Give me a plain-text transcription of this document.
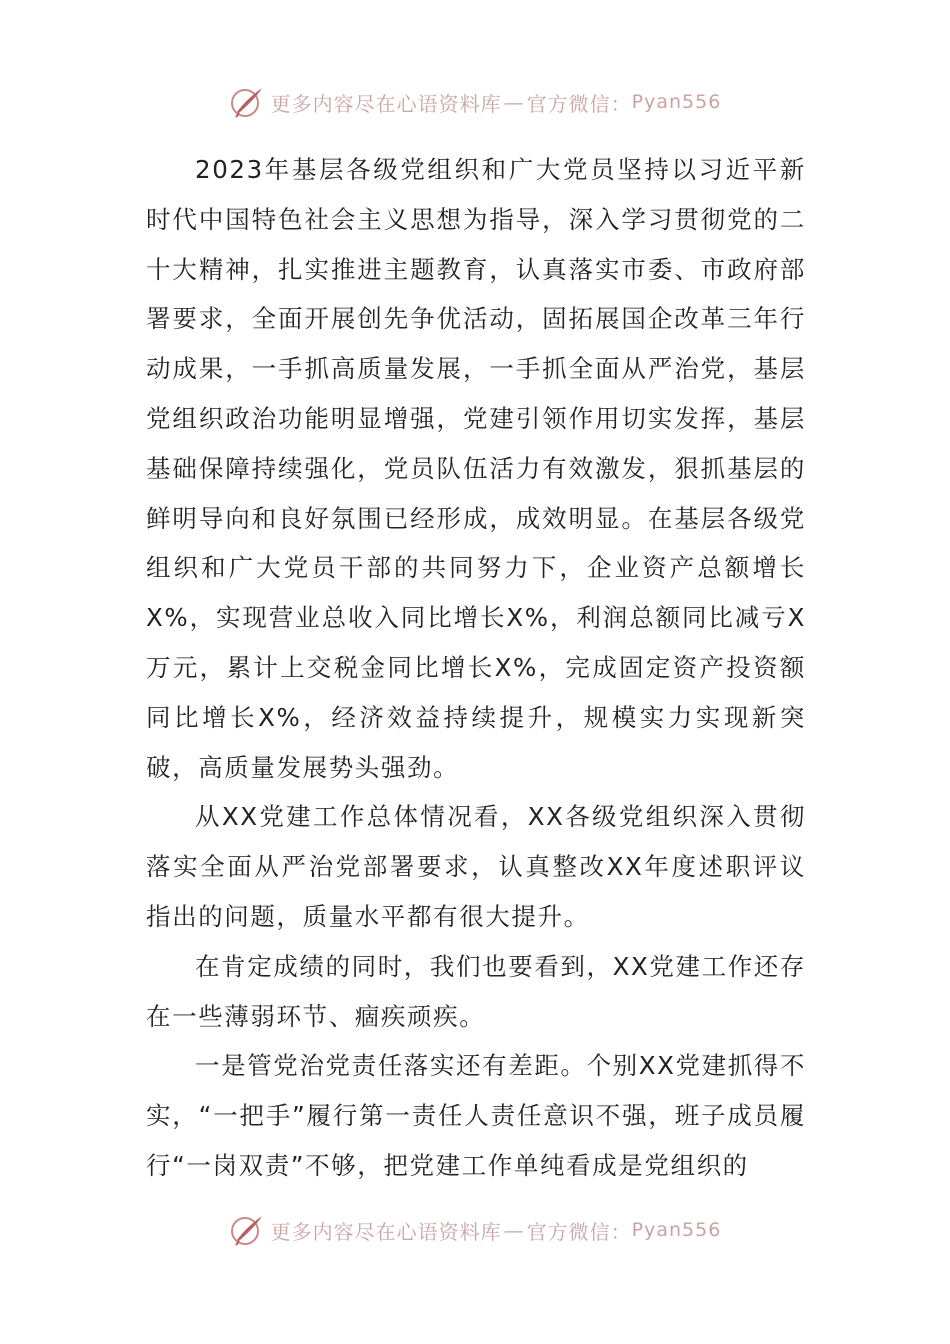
更多内容尽在心语资料库 — 官方微信： Pyan556

2023年基层各级党组织和广大党员坚持以习近平新时代中国特色社会主义思想为指导，深入学习贯彻党的二十大精神，扎实推进主题教育，认真落实市委、市政府部署要求，全面开展创先争优活动，固拓展国企改革三年行动成果，一手抓高质量发展，一手抓全面从严治党，基层党组织政治功能明显增强，党建引领作用切实发挥，基层基础保障持续强化，党员队伍活力有效激发，狠抓基层的鲜明导向和良好氛围已经形成，成效明显。在基层各级党组织和广大党员干部的共同努力下，企业资产总额增长X%，实现营业总收入同比增长X%，利润总额同比减亏X万元，累计上交税金同比增长X%，完成固定资产投资额同比增长X%，经济效益持续提升，规模实力实现新突破，高质量发展势头强劲。

从XX党建工作总体情况看，XX各级党组织深入贯彻落实全面从严治党部署要求，认真整改XX年度述职评议指出的问题，质量水平都有很大提升。

在肯定成绩的同时，我们也要看到，XX党建工作还存在一些薄弱环节、痼疾顽疾。

一是管党治党责任落实还有差距。个别XX党建抓得不实，“一把手”履行第一责任人责任意识不强，班子成员履行“一岗双责”不够，把党建工作单纯看成是党组织的

更多内容尽在心语资料库 — 官方微信： Pyan556
